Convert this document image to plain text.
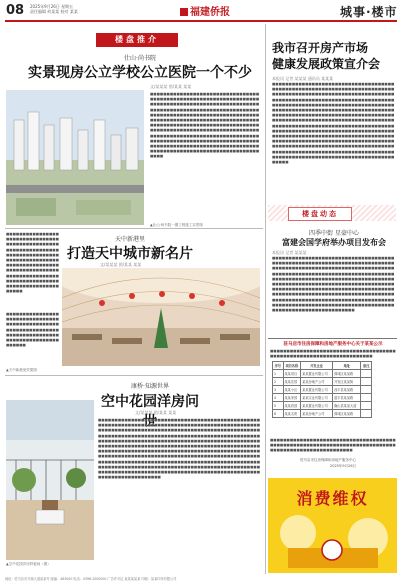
08 2025年9月26日 星期五
责任编辑 何某某 校对 某某	福建侨报	城事·楼市
楼盘推介
仕山·尚书院
实景现房公立学校公立医院一个不少
文/某某某 图/某某 某某
▲仕山·尚书院一期工程竣工实景图
■■■■■■■■■■■■■■■■■■■■■■■■■■■■■■■■■■■■■■■■■■■■■■■■■■■■■■■■■■■■■■■■■■■■■■■■■■■■■■■■■■■■■■■■■■■■■■■■■■■■■■■■■■■■■■■■■■■■■■■■■■■■■■■■■■■■■■■■■■■■■■■■■■■■■■■■■■■■■■■■■■■■■■■■■■■■■■■■■■■■■■■■■■■■■■■■■■■■■■■■■■■■■■■■■■■■■■■■■■■■■■■■■■■■■■■■■■■■■■■■■■■■■■■■■■■■■■■■■■■■■■■■■■■■■■■■■■■■■■■■■■■■■■■■■■■■■■■■■■■■■■■■■■■■■■■■■■■■■■■■■■■■■■■■■■■■■■■■■■■■■■■■■■■■■■■■■■■■■■■■■■■■■■■■■■■■■■■■■■■■■■■■■■■■■■■■■■■■■■■■
■■■■■■■■■■■■■■■■■■■■■■■■■■■■■■■■■■■■■■■■■■■■■■■■■■■■■■■■■■■■■■■■■■■■■■■■■■■■■■■■■■■■■■■■■■■■■■■■■■■■■■■■■■■■■■■■■■■■■■■■■■■■■■■■■■■■■■■■■■■■■■■■■■■■■■■■■■■■■■■■■■■■■■■■■■■■■■■■■■■■■
天中新港里
打造天中城市新名片
文/某某某 图/某某 某某
■■■■■■■■■■■■■■■■■■■■■■■■■■■■■■■■■■■■■■■■■■■■■■■■■■■■■■■■■■■■■■■■■■■■■■■■■■■■■■■■■■■■■■■■■■■■■■■■■■■■■■
▲天中新港里效果图
康桥·知源世界
空中花园洋房问世
文/某某某 图/某某 某某
▲空中花园洋房样板间（图）
■■■■■■■■■■■■■■■■■■■■■■■■■■■■■■■■■■■■■■■■■■■■■■■■■■■■■■■■■■■■■■■■■■■■■■■■■■■■■■■■■■■■■■■■■■■■■■■■■■■■■■■■■■■■■■■■■■■■■■■■■■■■■■■■■■■■■■■■■■■■■■■■■■■■■■■■■■■■■■■■■■■■■■■■■■■■■■■■■■■■■■■■■■■■■■■■■■■■■■■■■■■■■■■■■■■■■■■■■■■■■■■■■■■■■■■■■■■■■■■■■■■■■■■■■■■■■■■■■■■■■■■■■■■■■■■■■■■■■■■■■■■■■■■■■■■■■■■■■■■■■■■■■■■■■■■■■■■■■■■■■■■■■■■■■■■■■■■■■■■■■■■■■■■■■■■■■■■■■■■■■■■■■■■■■■■■■■■■■■■■■■■■■■■■■■■■■■■■■■■■■■■■■■■■■■■■■■■■■■■■■■■■■■■■■■■■■■■■■■■■■■■■■■■■■■■■■■■■■■■■■■■■■■■■■■■■■■■■■■■■■■■■■■■■■■■■■■■■■■■■■■■■■■■■■■■■■■■■■■■■■■■■■■■■■■■■■■■■■■■■■■■■■■■■■■■■■■■■■■
我市召开房产市场
健康发展政策宣介会
本报讯 记者 某某某 通讯员 某某某
■■■■■■■■■■■■■■■■■■■■■■■■■■■■■■■■■■■■■■■■■■■■■■■■■■■■■■■■■■■■■■■■■■■■■■■■■■■■■■■■■■■■■■■■■■■■■■■■■■■■■■■■■■■■■■■■■■■■■■■■■■■■■■■■■■■■■■■■■■■■■■■■■■■■■■■■■■■■■■■■■■■■■■■■■■■■■■■■■■■■■■■■■■■■■■■■■■■■■■■■■■■■■■■■■■■■■■■■■■■■■■■■■■■■■■■■■■■■■■■■■■■■■■■■■■■■■■■■■■■■■■■■■■■■■■■■■■■■■■■■■■■■■■■■■■■■■■■■■■■■■■■■■■■■■■■■■■■■■■■■■■■■■■■■■■■■■■■■■■■■■■■■■■■■■■■■■■■■■■■■■■■■■■■■■■■■■■■■■■■■■■■■■■■■■■■■■■■■■■■■■■■■■■■■■■■■■■■■■■■■■■■■■■■■■■■■■■■■■■■■■■■■■■■■■■■■■■■■■■■■■■■■■■■■■■■■■■■■■■■■■■■■■■■■■■■■■■■■■■■■■■■■■■■■■■■■■■■■■■■■■■■■■■■■■■■■■■■■■■■■■■■■■■■■■■■■■■■■■■■■
楼盘动态
四季中街 星豪中心
富建会国学府举办项目发布会
本报讯 记者 某某某
■■■■■■■■■■■■■■■■■■■■■■■■■■■■■■■■■■■■■■■■■■■■■■■■■■■■■■■■■■■■■■■■■■■■■■■■■■■■■■■■■■■■■■■■■■■■■■■■■■■■■■■■■■■■■■■■■■■■■■■■■■■■■■■■■■■■■■■■■■■■■■■■■■■■■■■■■■■■■■■■■■■■■■■■■■■■■■■■■■■■■■■■■■■■■■■■■■■■■■■■■■■■■■■■■■■■■■■■■■■■■■■■■■■■■■■■■■■■■■■■■■■■■■■■■■■■■■■■■■■■■■■■■■■■■■■■■■■■■■■■■■■■■■■■■■■■■■■■■■■■■■■■■■■■■■■■■■■■■■■■■■■■■■■■■■■■■■■■■■■■■■■■■■■■■■■■■■■■■■■■■■■■■■■■■■■■■■■■■■■■■■■■■■■■■■■■■■■
驻马店市住房保障和房地产服务中心关于某某公示
■■■■■■■■■■■■■■■■■■■■■■■■■■■■■■■■■■■■■■■■■■■■■■■■■■■■■■■■■■■■■■■■■■■■■
序号	项目名称	开发企业	地址	备注
1	某某项目	某某置业有限公司	驿城区某某路	
2	某某花园	某某房地产公司	开发区某某街	
3	某某小区	某某置业有限公司	西平县某某路	
4	某某家园	某某实业有限公司	遂平县某某路	
5	某某府邸	某某置业有限公司	确山县某某大道	
6	某某名苑	某某房地产公司	驿城区某某路	
■■■■■■■■■■■■■■■■■■■■■■■■■■■■■■■■■■■■■■■■■■■■■■■■■■■■■■■■■■■■■■■■■■■■■■■■■■■■■■■■■■■■■■■■■■■■■■■■■■■■■
驻马店市住房保障和房地产服务中心
2025年9月26日
消费维权
地址：驻马店市开源大道某某号 邮编：463000 电话：0396-2000000 广告许可证 某某某某某 印刷：某某印务有限公司
